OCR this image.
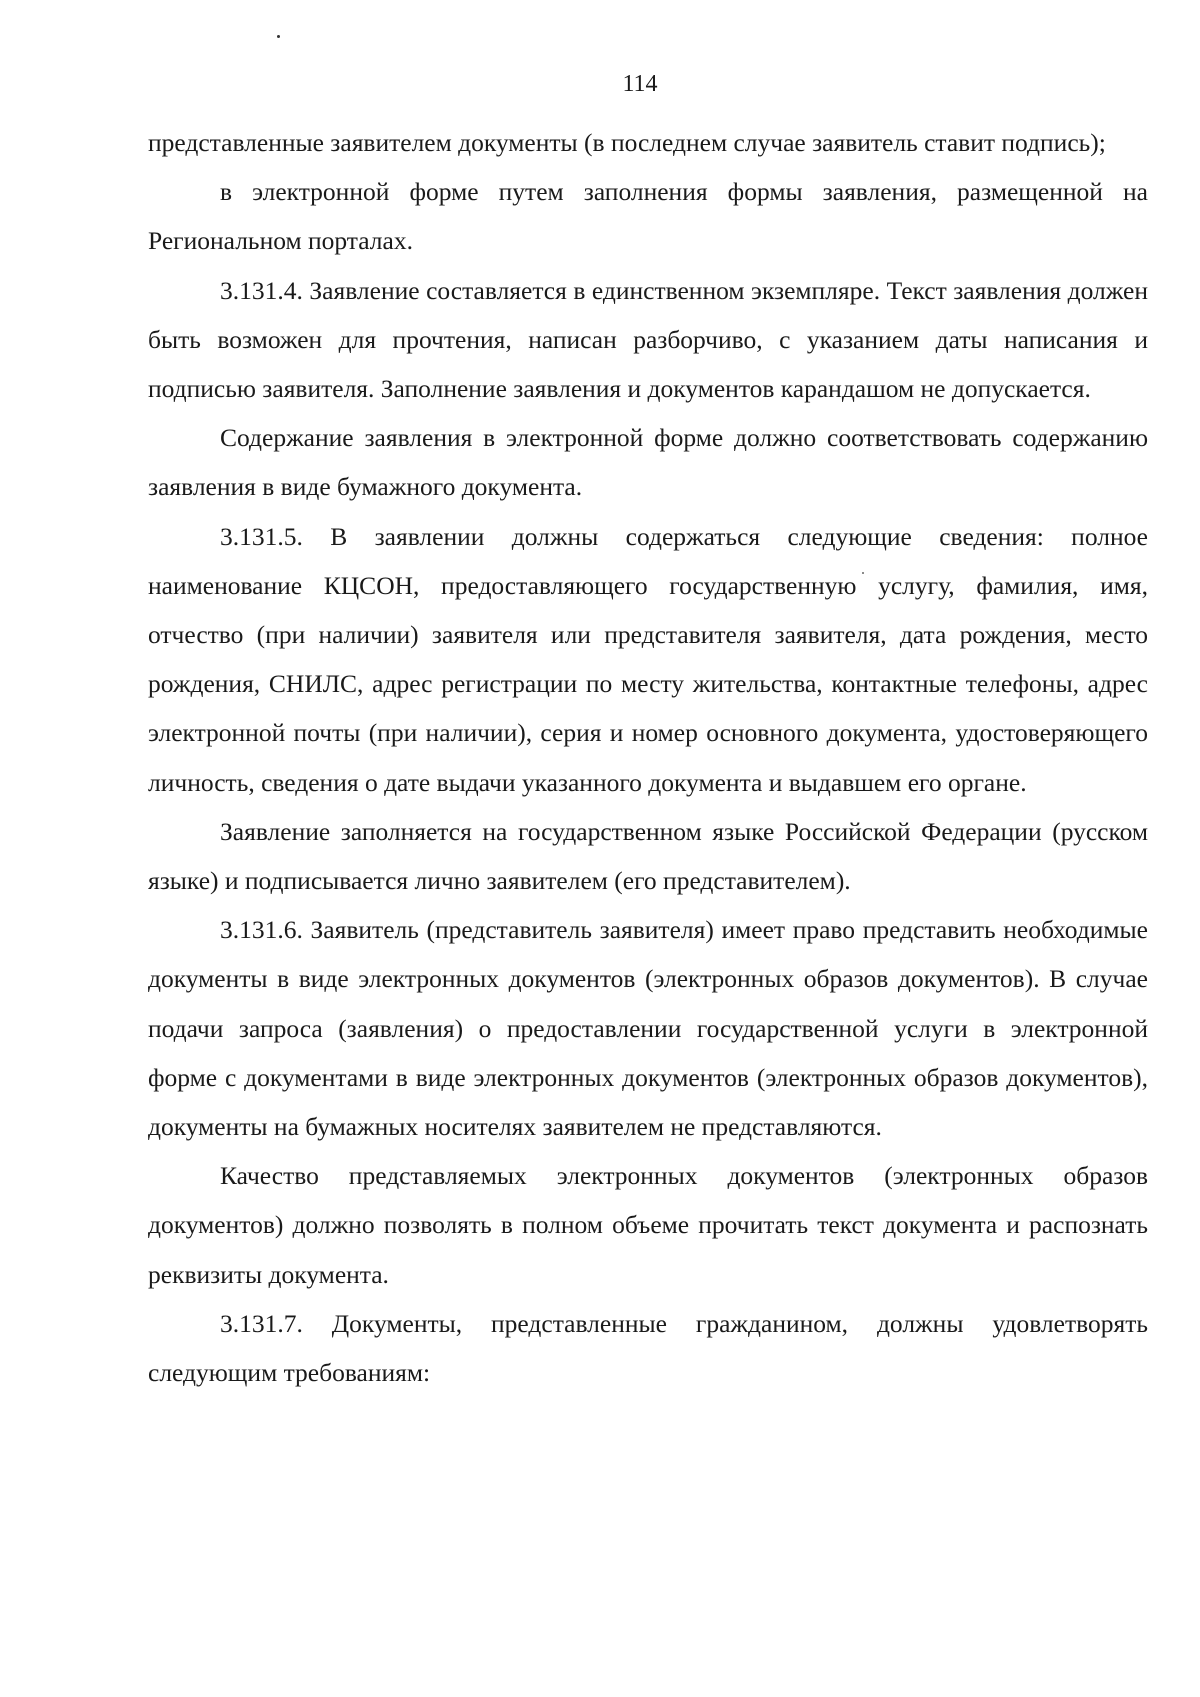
114

представленные заявителем документы (в последнем случае заявитель ставит подпись);

в электронной форме путем заполнения формы заявления, размещенной на Региональном порталах.

3.131.4. Заявление составляется в единственном экземпляре. Текст заявления должен быть возможен для прочтения, написан разборчиво, с указанием даты написания и подписью заявителя. Заполнение заявления и документов карандашом не допускается.

Содержание заявления в электронной форме должно соответствовать содержанию заявления в виде бумажного документа.

3.131.5. В заявлении должны содержаться следующие сведения: полное наименование КЦСОН, предоставляющего государственную услугу, фамилия, имя, отчество (при наличии) заявителя или представителя заявителя, дата рождения, место рождения, СНИЛС, адрес регистрации по месту жительства, контактные телефоны, адрес электронной почты (при наличии), серия и номер основного документа, удостоверяющего личность, сведения о дате выдачи указанного документа и выдавшем его органе.

Заявление заполняется на государственном языке Российской Федерации (русском языке) и подписывается лично заявителем (его представителем).

3.131.6. Заявитель (представитель заявителя) имеет право представить необходимые документы в виде электронных документов (электронных образов документов). В случае подачи запроса (заявления) о предоставлении государственной услуги в электронной форме с документами в виде электронных документов (электронных образов документов), документы на бумажных носителях заявителем не представляются.

Качество представляемых электронных документов (электронных образов документов) должно позволять в полном объеме прочитать текст документа и распознать реквизиты документа.

3.131.7. Документы, представленные гражданином, должны удовлетворять следующим требованиям:
